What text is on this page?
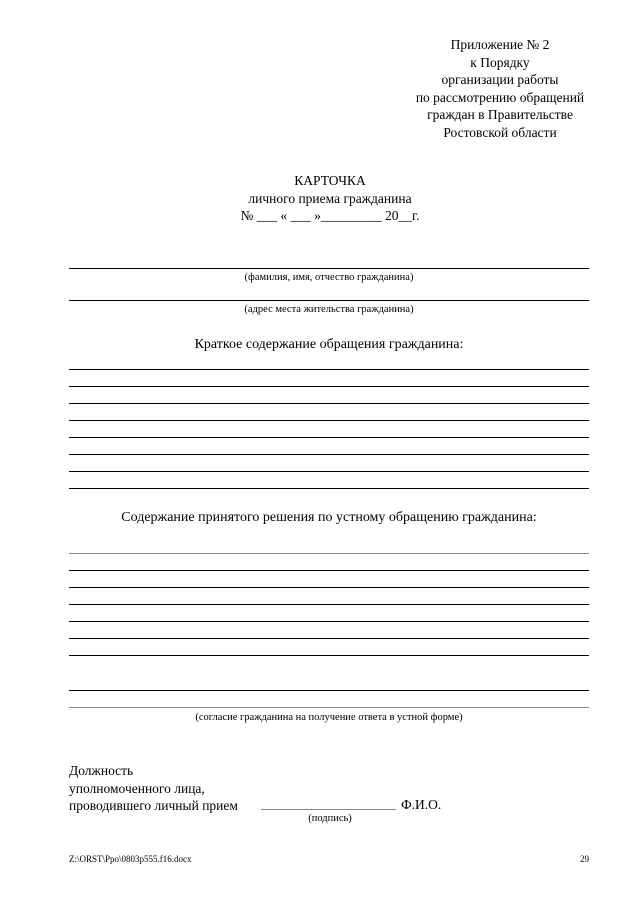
Приложение № 2
к Порядку
организации работы
по рассмотрению обращений
граждан в Правительстве
Ростовской области
КАРТОЧКА
личного приема гражданина
№ ___ « ___ »_________ 20__г.
(фамилия, имя, отчество гражданина)
(адрес места жительства гражданина)
Краткое содержание обращения гражданина:
Содержание принятого решения по устному обращению гражданина:
(согласие гражданина на получение ответа в устной форме)
Должность
уполномоченного лица,
проводившего личный прием	Ф.И.О.
(подпись)
Z:\ORST\Ppo\0803p555.f16.docx	29
